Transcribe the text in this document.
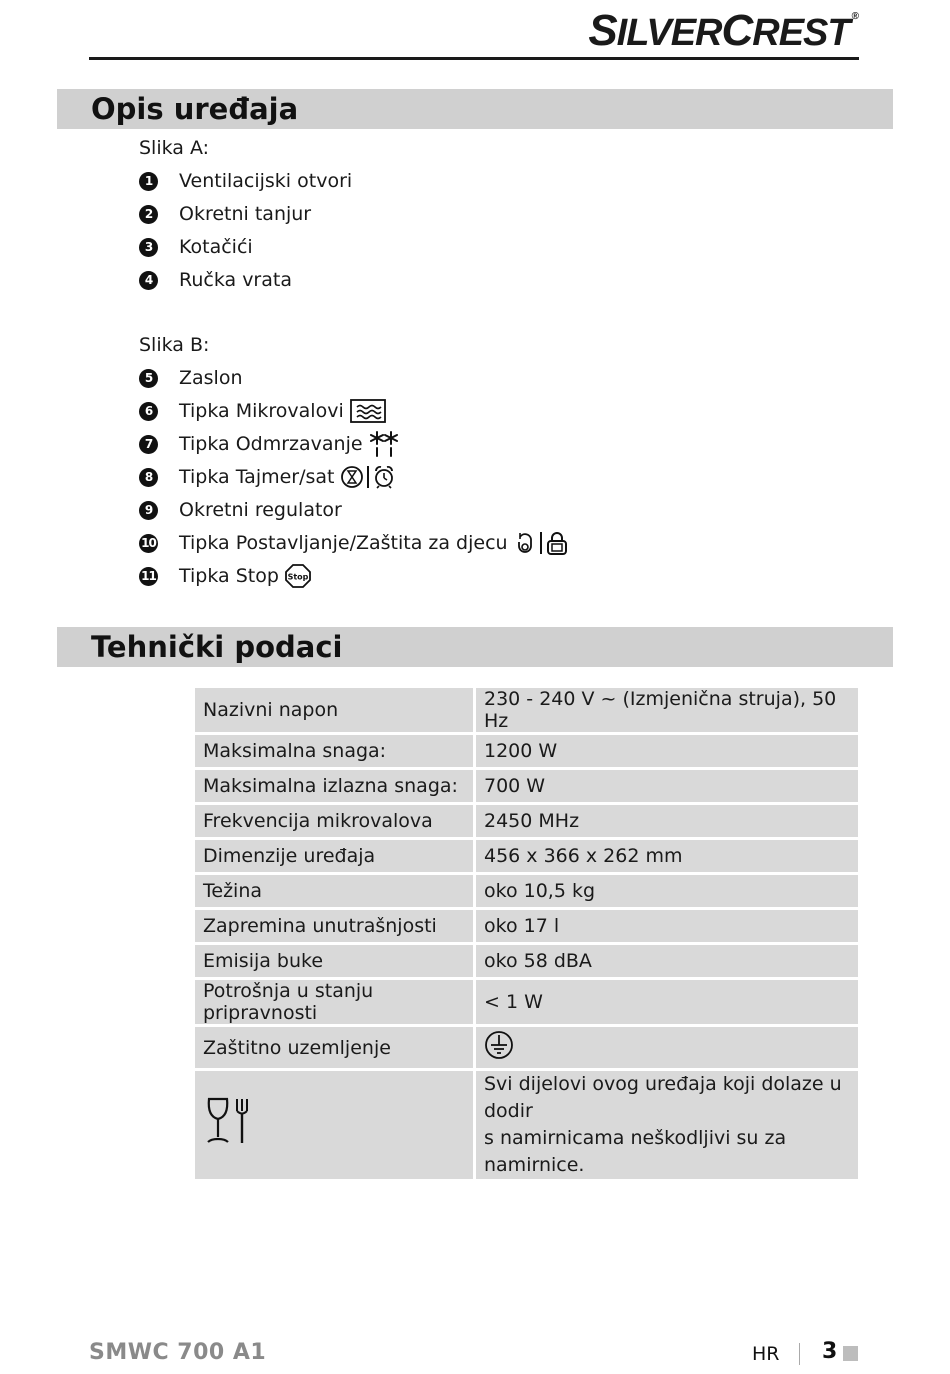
SILVERCREST ®
Opis uređaja
Slika A:
1	Ventilacijski otvori
2	Okretni tanjur
3	Kotačići
4	Ručka vrata
Slika B:
5	Zaslon
6	Tipka Mikrovalovi
7	Tipka Odmrzavanje
8	Tipka Tajmer/sat
9	Okretni regulator
10 Tipka Postavljanje/Zaštita za djecu
11 Tipka Stop Stop
Tehnički podaci
Nazivni napon	230 - 240 V ~ (Izmjenična struja), 50 Hz
Maksimalna snaga:	1200 W
Maksimalna izlazna snaga:	700 W
Frekvencija mikrovalova	2450 MHz
Dimenzije uređaja	456 x 366 x 262 mm
Težina	oko 10,5 kg
Zapremina unutrašnjosti	oko 17 l
Emisija buke	oko 58 dBA
Potrošnja u stanju pripravnosti	< 1 W
Zaštitno uzemljenje	

Svi dijelovi ovog uređaja koji dolaze u dodir
s namirnicama neškodljivi su za namirnice.
SMWC 700 A1	HR 3
